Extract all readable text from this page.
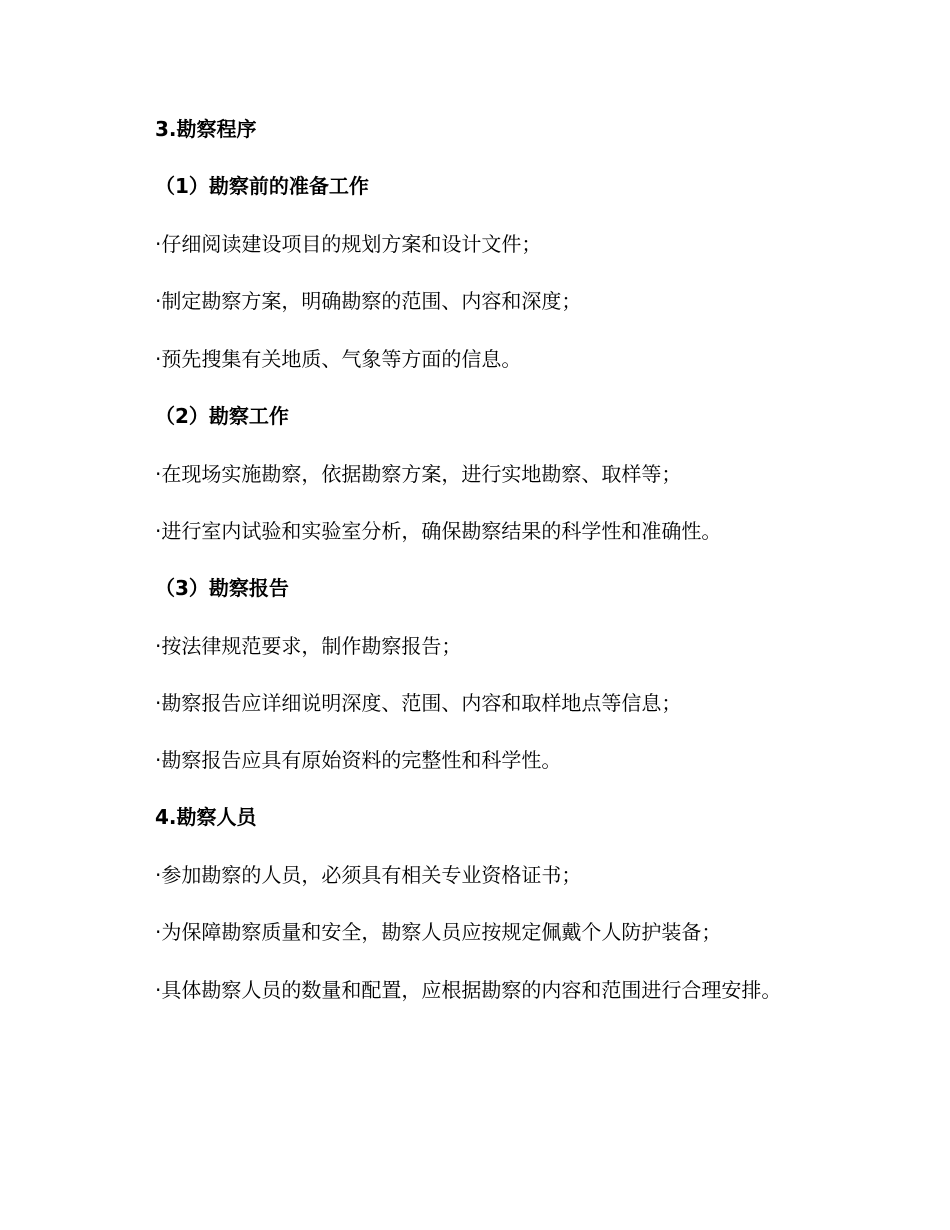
3.勘察程序

（1）勘察前的准备工作

·仔细阅读建设项目的规划方案和设计文件；

·制定勘察方案，明确勘察的范围、内容和深度；

·预先搜集有关地质、气象等方面的信息。

（2）勘察工作

·在现场实施勘察，依据勘察方案，进行实地勘察、取样等；

·进行室内试验和实验室分析，确保勘察结果的科学性和准确性。

（3）勘察报告

·按法律规范要求，制作勘察报告；

·勘察报告应详细说明深度、范围、内容和取样地点等信息；

·勘察报告应具有原始资料的完整性和科学性。

4.勘察人员

·参加勘察的人员，必须具有相关专业资格证书；

·为保障勘察质量和安全，勘察人员应按规定佩戴个人防护装备；

·具体勘察人员的数量和配置，应根据勘察的内容和范围进行合理安排。
